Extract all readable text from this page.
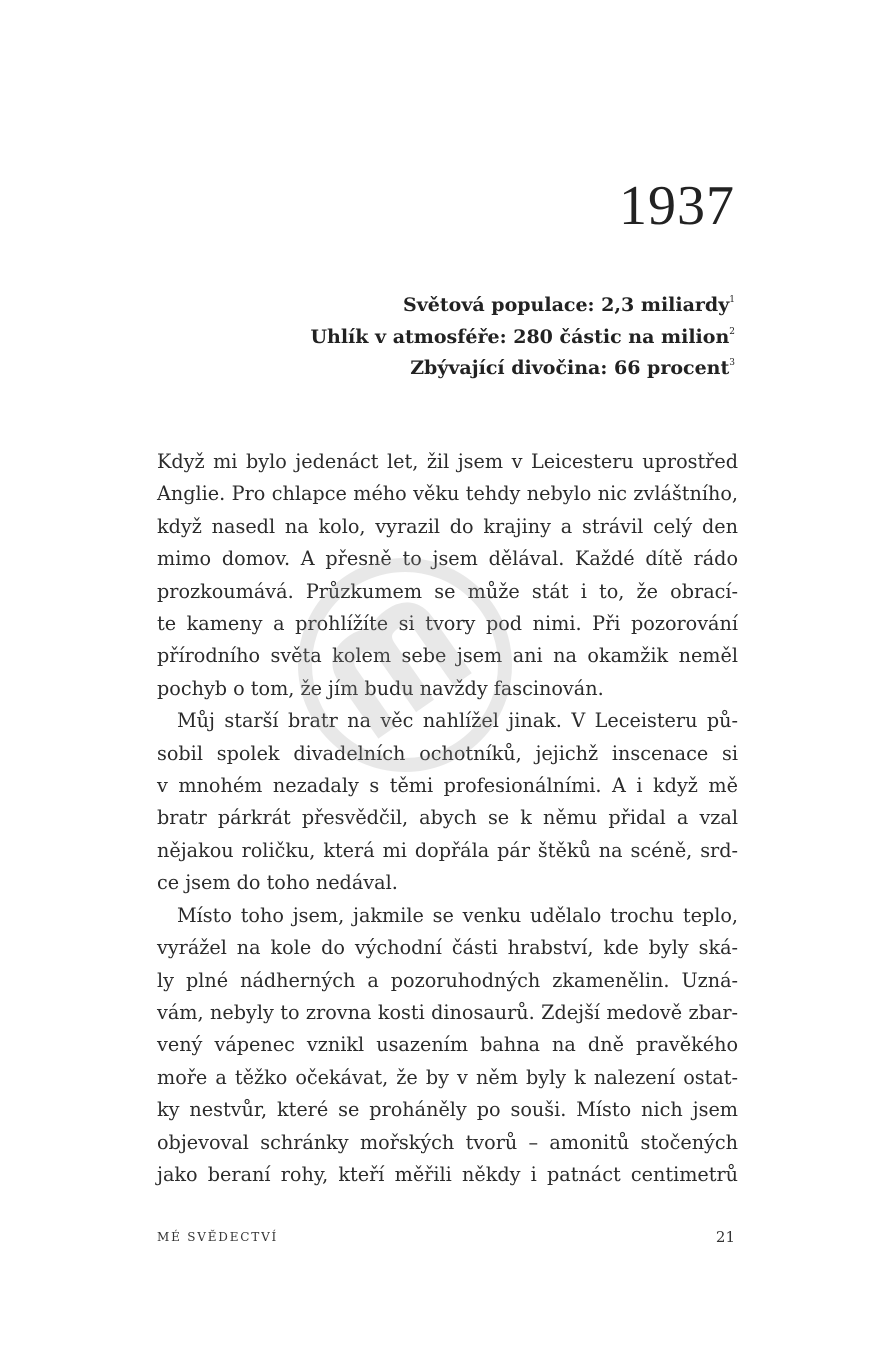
1937
Světová populace: 2,3 miliardy$^1$
Uhlík v atmosféře: 280 částic na milion$^2$
Zbývající divočina: 66 procent$^3$

Když mi bylo jedenáct let, žil jsem v Leicesteru uprostřed
Anglie. Pro chlapce mého věku tehdy nebylo nic zvláštního,
když nasedl na kolo, vyrazil do krajiny a strávil celý den
mimo domov. A přesně to jsem dělával. Každé dítě rádo
prozkoumává. Průzkumem se může stát i to, že obrací-
te kameny a prohlížíte si tvory pod nimi. Při pozorování
přírodního světa kolem sebe jsem ani na okamžik neměl
pochyb o tom, že jím budu navždy fascinován.

Můj starší bratr na věc nahlížel jinak. V Leceisteru pů-
sobil spolek divadelních ochotníků, jejichž inscenace si
v mnohém nezadaly s těmi profesionálními. A i když mě
bratr párkrát přesvědčil, abych se k němu přidal a vzal
nějakou roličku, která mi dopřála pár štěků na scéně, srd-
ce jsem do toho nedával.

Místo toho jsem, jakmile se venku udělalo trochu teplo,
vyrážel na kole do východní části hrabství, kde byly ská-
ly plné nádherných a pozoruhodných zkamenělin. Uzná-
vám, nebyly to zrovna kosti dinosaurů. Zdejší medově zbar-
vený vápenec vznikl usazením bahna na dně pravěkého
moře a těžko očekávat, že by v něm byly k nalezení ostat-
ky nestvůr, které se proháněly po souši. Místo nich jsem
objevoval schránky mořských tvorů – amonitů stočených
jako beraní rohy, kteří měřili někdy i patnáct centimetrů

MÉ SVĚDECTVÍ	21
